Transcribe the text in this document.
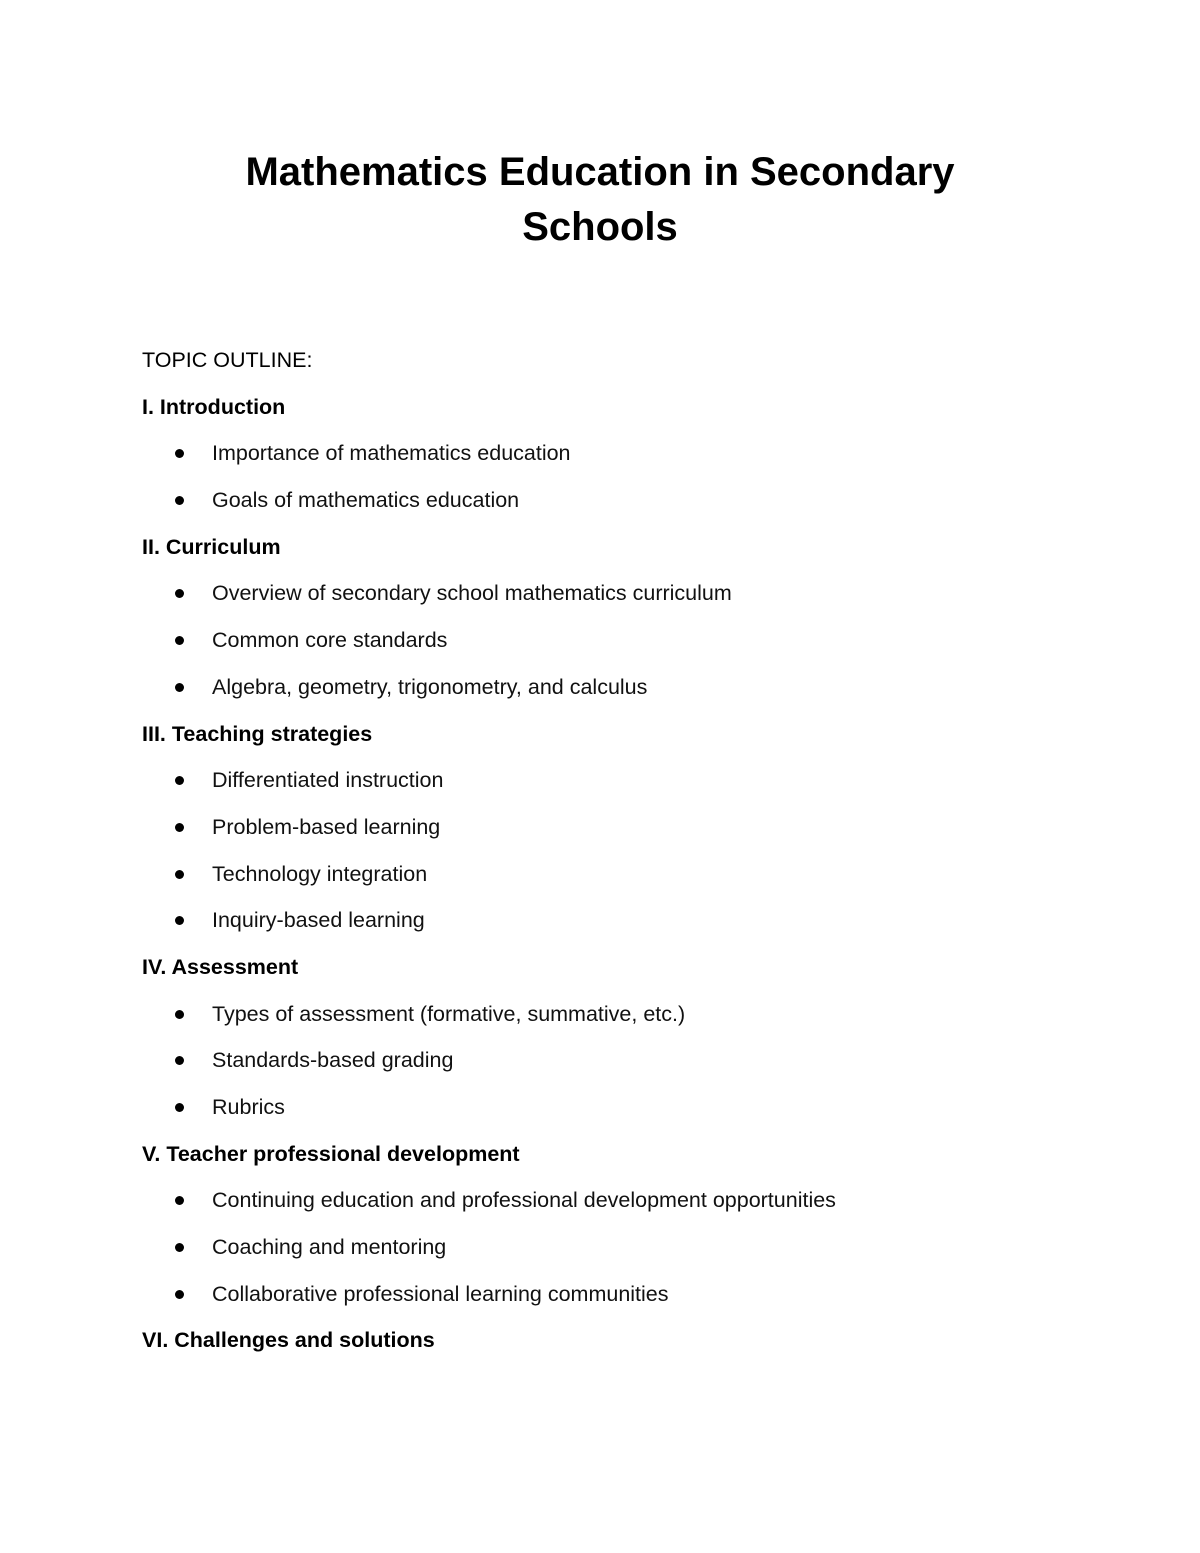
Mathematics Education in Secondary
Schools
TOPIC OUTLINE:
I. Introduction
Importance of mathematics education
Goals of mathematics education
II. Curriculum
Overview of secondary school mathematics curriculum
Common core standards
Algebra, geometry, trigonometry, and calculus
III. Teaching strategies
Differentiated instruction
Problem-based learning
Technology integration
Inquiry-based learning
IV. Assessment
Types of assessment (formative, summative, etc.)
Standards-based grading
Rubrics
V. Teacher professional development
Continuing education and professional development opportunities
Coaching and mentoring
Collaborative professional learning communities
VI. Challenges and solutions
